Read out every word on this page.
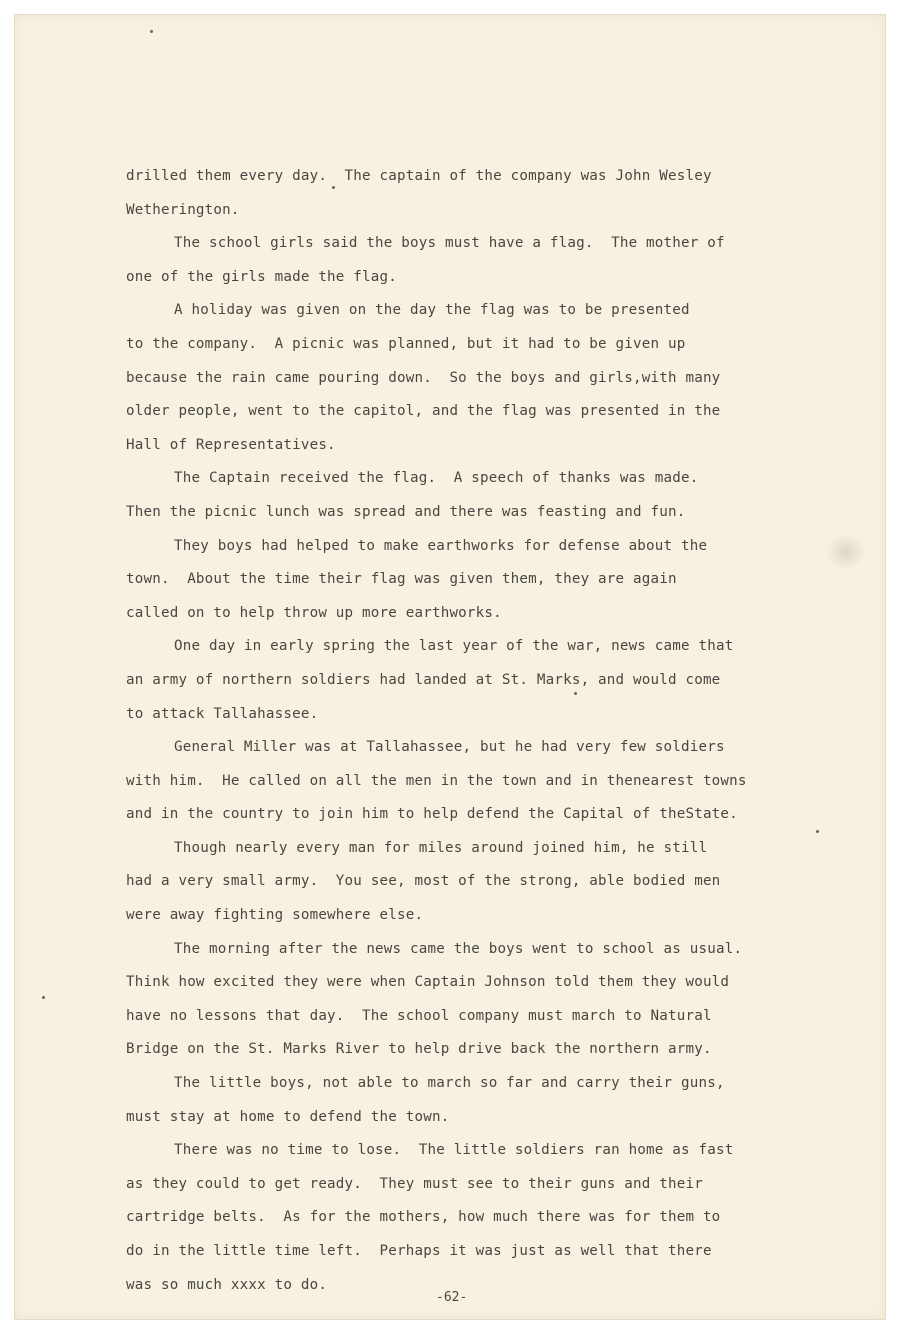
drilled them every day.  The captain of the company was John Wesley
Wetherington.
The school girls said the boys must have a flag.  The mother of
one of the girls made the flag.
A holiday was given on the day the flag was to be presented
to the company.  A picnic was planned, but it had to be given up
because the rain came pouring down.  So the boys and girls,with many
older people, went to the capitol, and the flag was presented in the
Hall of Representatives.
The Captain received the flag.  A speech of thanks was made.
Then the picnic lunch was spread and there was feasting and fun.
They boys had helped to make earthworks for defense about the
town.  About the time their flag was given them, they are again
called on to help throw up more earthworks.
One day in early spring the last year of the war, news came that
an army of northern soldiers had landed at St. Marks, and would come
to attack Tallahassee.
General Miller was at Tallahassee, but he had very few soldiers
with him.  He called on all the men in the town and in thenearest towns
and in the country to join him to help defend the Capital of theState.
Though nearly every man for miles around joined him, he still
had a very small army.  You see, most of the strong, able bodied men
were away fighting somewhere else.
The morning after the news came the boys went to school as usual.
Think how excited they were when Captain Johnson told them they would
have no lessons that day.  The school company must march to Natural
Bridge on the St. Marks River to help drive back the northern army.
The little boys, not able to march so far and carry their guns,
must stay at home to defend the town.
There was no time to lose.  The little soldiers ran home as fast
as they could to get ready.  They must see to their guns and their
cartridge belts.  As for the mothers, how much there was for them to
do in the little time left.  Perhaps it was just as well that there
was so much xxxx to do.
-62-
